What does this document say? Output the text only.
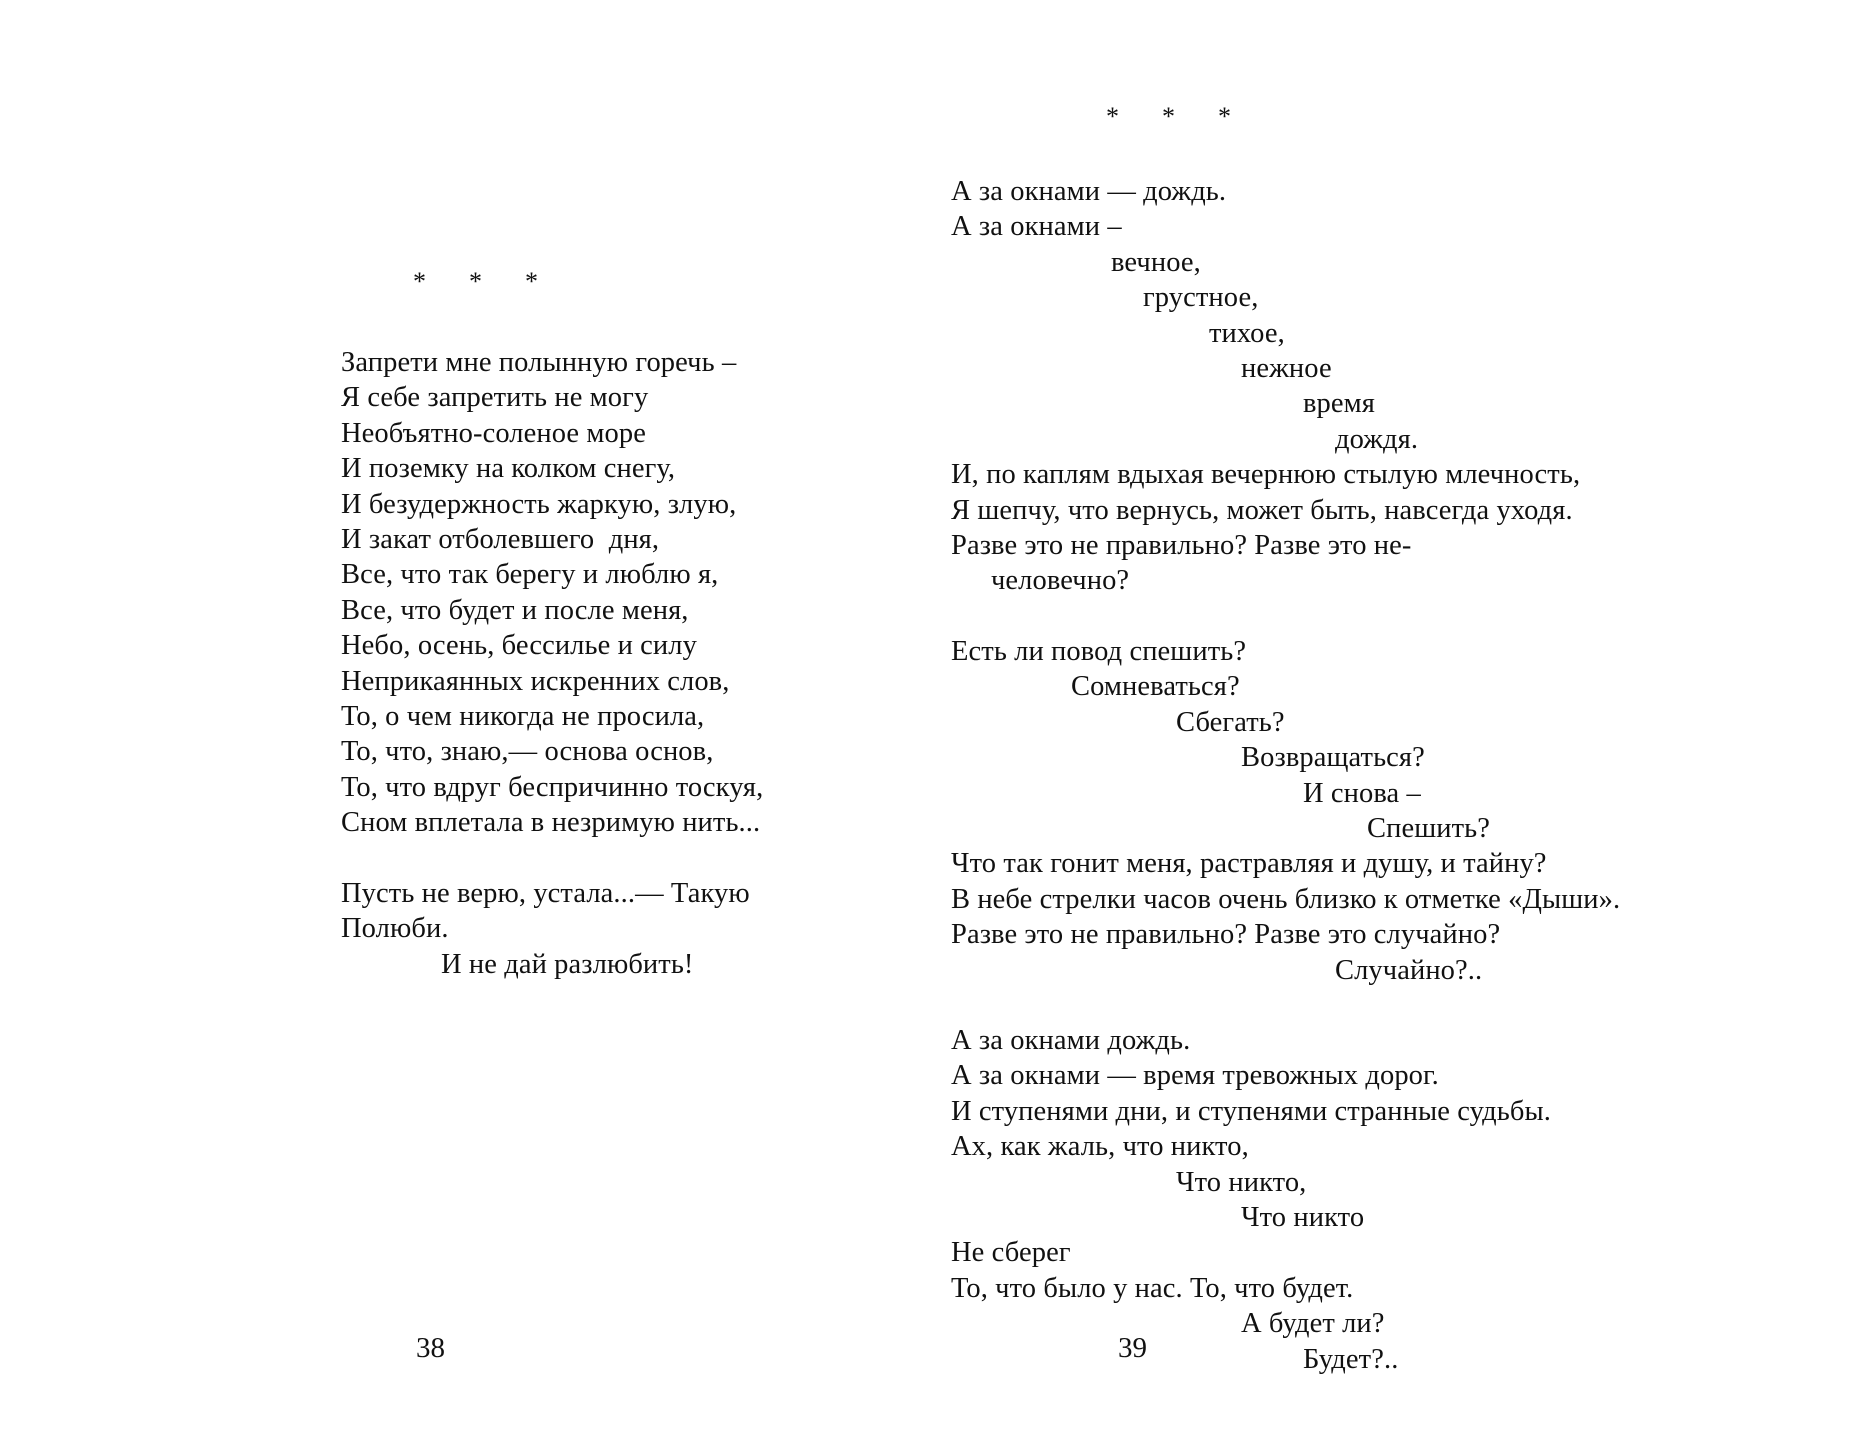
*  *  *
Запрети мне полынную горечь –
Я себе запретить не могу
Необъятно-соленое море
И поземку на колком снегу,
И безудержность жаркую, злую,
И закат отболевшего  дня,
Все, что так берегу и люблю я,
Все, что будет и после меня,
Небо, осень, бессилье и силу
Неприкаянных искренних слов,
То, о чем никогда не просила,
То, что, знаю,— основа основ,
То, что вдруг беспричинно тоскуя,
Сном вплетала в незримую нить...
Пусть не верю, устала...— Такую
Полюби.
И не дай разлюбить!
38
*  *  *
А за окнами — дождь.
А за окнами –
вечное,
грустное,
тихое,
нежное
время
дождя.
И, по каплям вдыхая вечернюю стылую млечность,
Я шепчу, что вернусь, может быть, навсегда уходя.
Разве это не правильно? Разве это не-
человечно?
Есть ли повод спешить?
Сомневаться?
Сбегать?
Возвращаться?
И снова –
Спешить?
Что так гонит меня, растравляя и душу, и тайну?
В небе стрелки часов очень близко к отметке «Дыши».
Разве это не правильно? Разве это случайно?
Случайно?..
А за окнами дождь.
А за окнами — время тревожных дорог.
И ступенями дни, и ступенями странные судьбы.
Ах, как жаль, что никто,
Что никто,
Что никто
Не сберег
То, что было у нас. То, что будет.
А будет ли?
Будет?..
39
